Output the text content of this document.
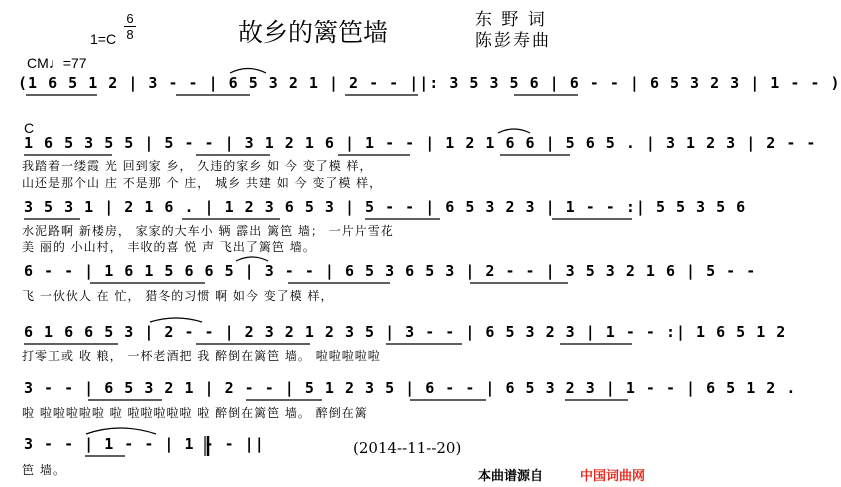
故乡的篱笆墙	东 野 词
陈彭寿曲
1=C
6
8
CM♩=77
C
(1 6 5 1 2 | 3 - - | 6 5 3 2 1 | 2 - - ||: 3 5 3 5 6 | 6 - - | 6 5 3 2 3 | 1 - - )
1 6 5 3 5 5 | 5 - - | 3 1 2 1 6 | 1 - - | 1 2 1 6 6 | 5 6 5 . | 3 1 2 3 | 2 - -
我踏着一缕霞 光 回到家 乡， 久违的家乡 如 今 变了模 样，
山还是那个山 庄 不是那 个 庄， 城乡 共建 如 今 变了模 样，
3 5 3 1 | 2 1 6 . | 1 2 3 6 5 3 | 5 - - | 6 5 3 2 3 | 1 - - :| 5 5 3 5 6
水泥路啊 新楼房， 家家的大车小 辆 霹出 篱笆 墙； 一片片雪花
美 丽的 小山村， 丰收的喜 悦 声 飞出了篱笆 墙。
6 - - | 1 6 1 5 6 6 5 | 3 - - | 6 5 3 6 5 3 | 2 - - | 3 5 3 2 1 6 | 5 - -
飞 一伙伙人 在 忙， 猎冬的习惯 啊 如今 变了模 样，
6 1 6 6 5 3 | 2 - - | 2 3 2 1 2 3 5 | 3 - - | 6 5 3 2 3 | 1 - - :| 1 6 5 1 2
打零工或 收 粮， 一杯老酒把 我 醉倒在篱笆 墙。 啦啦啦啦啦
3 - - | 6 5 3 2 1 | 2 - - | 5 1 2 3 5 | 6 - - | 6 5 3 2 3 | 1 - - | 6 5 1 2 .
啦 啦啦啦啦啦 啦 啦啦啦啦啦 啦 醉倒在篱笆 墙。 醉倒在篱
3 - - | 1 - - | 1 - - ||
笆 墙。
(2014--11--20)
本曲谱源自	中国词曲网
